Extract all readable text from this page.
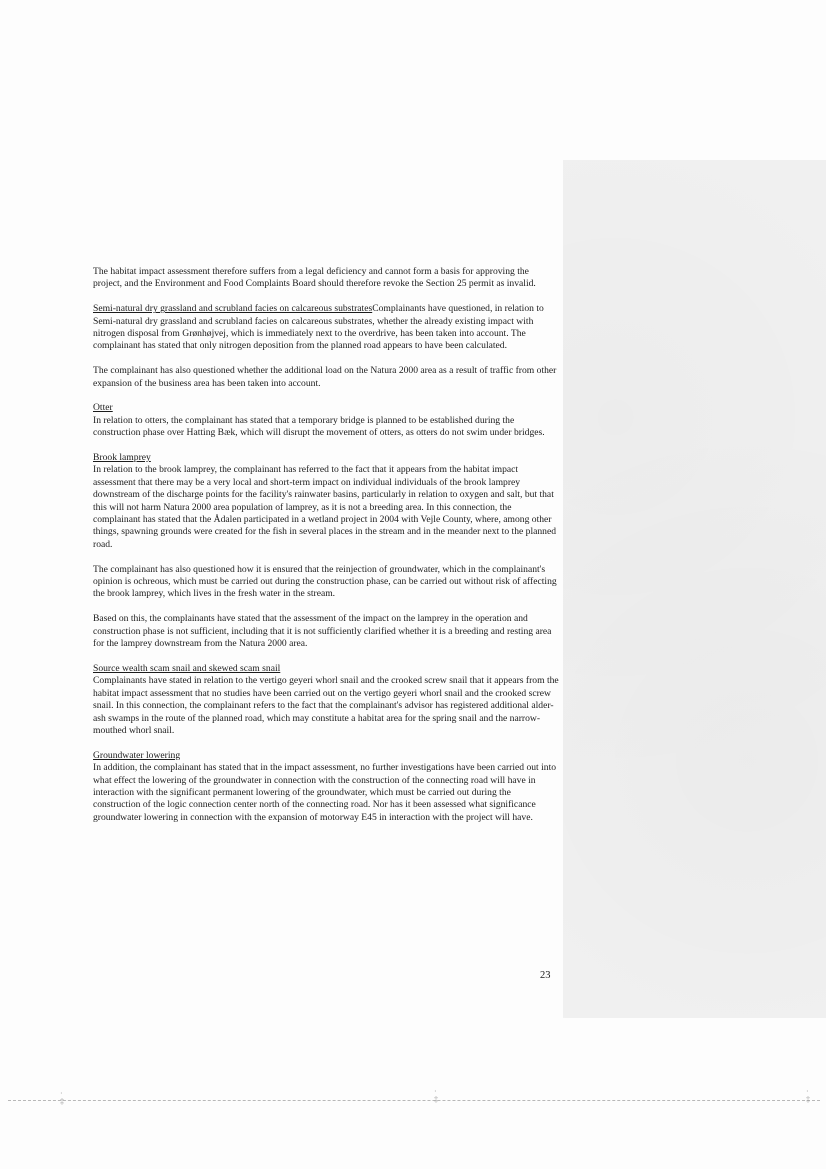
The habitat impact assessment therefore suffers from a legal deficiency and cannot form a basis for approving the project, and the Environment and Food Complaints Board should therefore revoke the Section 25 permit as invalid.

Semi-natural dry grassland and scrubland facies on calcareous substratesComplainants have questioned, in relation to Semi-natural dry grassland and scrubland facies on calcareous substrates, whether the already existing impact with nitrogen disposal from Grønhøjvej, which is immediately next to the overdrive, has been taken into account. The complainant has stated that only nitrogen deposition from the planned road appears to have been calculated.

The complainant has also questioned whether the additional load on the Natura 2000 area as a result of traffic from other expansion of the business area has been taken into account.

Otter
In relation to otters, the complainant has stated that a temporary bridge is planned to be established during the construction phase over Hatting Bæk, which will disrupt the movement of otters, as otters do not swim under bridges.

Brook lamprey
In relation to the brook lamprey, the complainant has referred to the fact that it appears from the habitat impact assessment that there may be a very local and short-term impact on individual individuals of the brook lamprey downstream of the discharge points for the facility's rainwater basins, particularly in relation to oxygen and salt, but that this will not harm Natura 2000 area population of lamprey, as it is not a breeding area. In this connection, the complainant has stated that the Ådalen participated in a wetland project in 2004 with Vejle County, where, among other things, spawning grounds were created for the fish in several places in the stream and in the meander next to the planned road.

The complainant has also questioned how it is ensured that the reinjection of groundwater, which in the complainant's opinion is ochreous, which must be carried out during the construction phase, can be carried out without risk of affecting the brook lamprey, which lives in the fresh water in the stream.

Based on this, the complainants have stated that the assessment of the impact on the lamprey in the operation and construction phase is not sufficient, including that it is not sufficiently clarified whether it is a breeding and resting area for the lamprey downstream from the Natura 2000 area.

Source wealth scam snail and skewed scam snail
Complainants have stated in relation to the vertigo geyeri whorl snail and the crooked screw snail that it appears from the habitat impact assessment that no studies have been carried out on the vertigo geyeri whorl snail and the crooked screw snail. In this connection, the complainant refers to the fact that the complainant's advisor has registered additional alder-ash swamps in the route of the planned road, which may constitute a habitat area for the spring snail and the narrow-mouthed whorl snail.

Groundwater lowering
In addition, the complainant has stated that in the impact assessment, no further investigations have been carried out into what effect the lowering of the groundwater in connection with the construction of the connecting road will have in interaction with the significant permanent lowering of the groundwater, which must be carried out during the construction of the logic connection center north of the connecting road. Nor has it been assessed what significance groundwater lowering in connection with the expansion of motorway E45 in interaction with the project will have.

23
·
‡
·
‡
·
‡
